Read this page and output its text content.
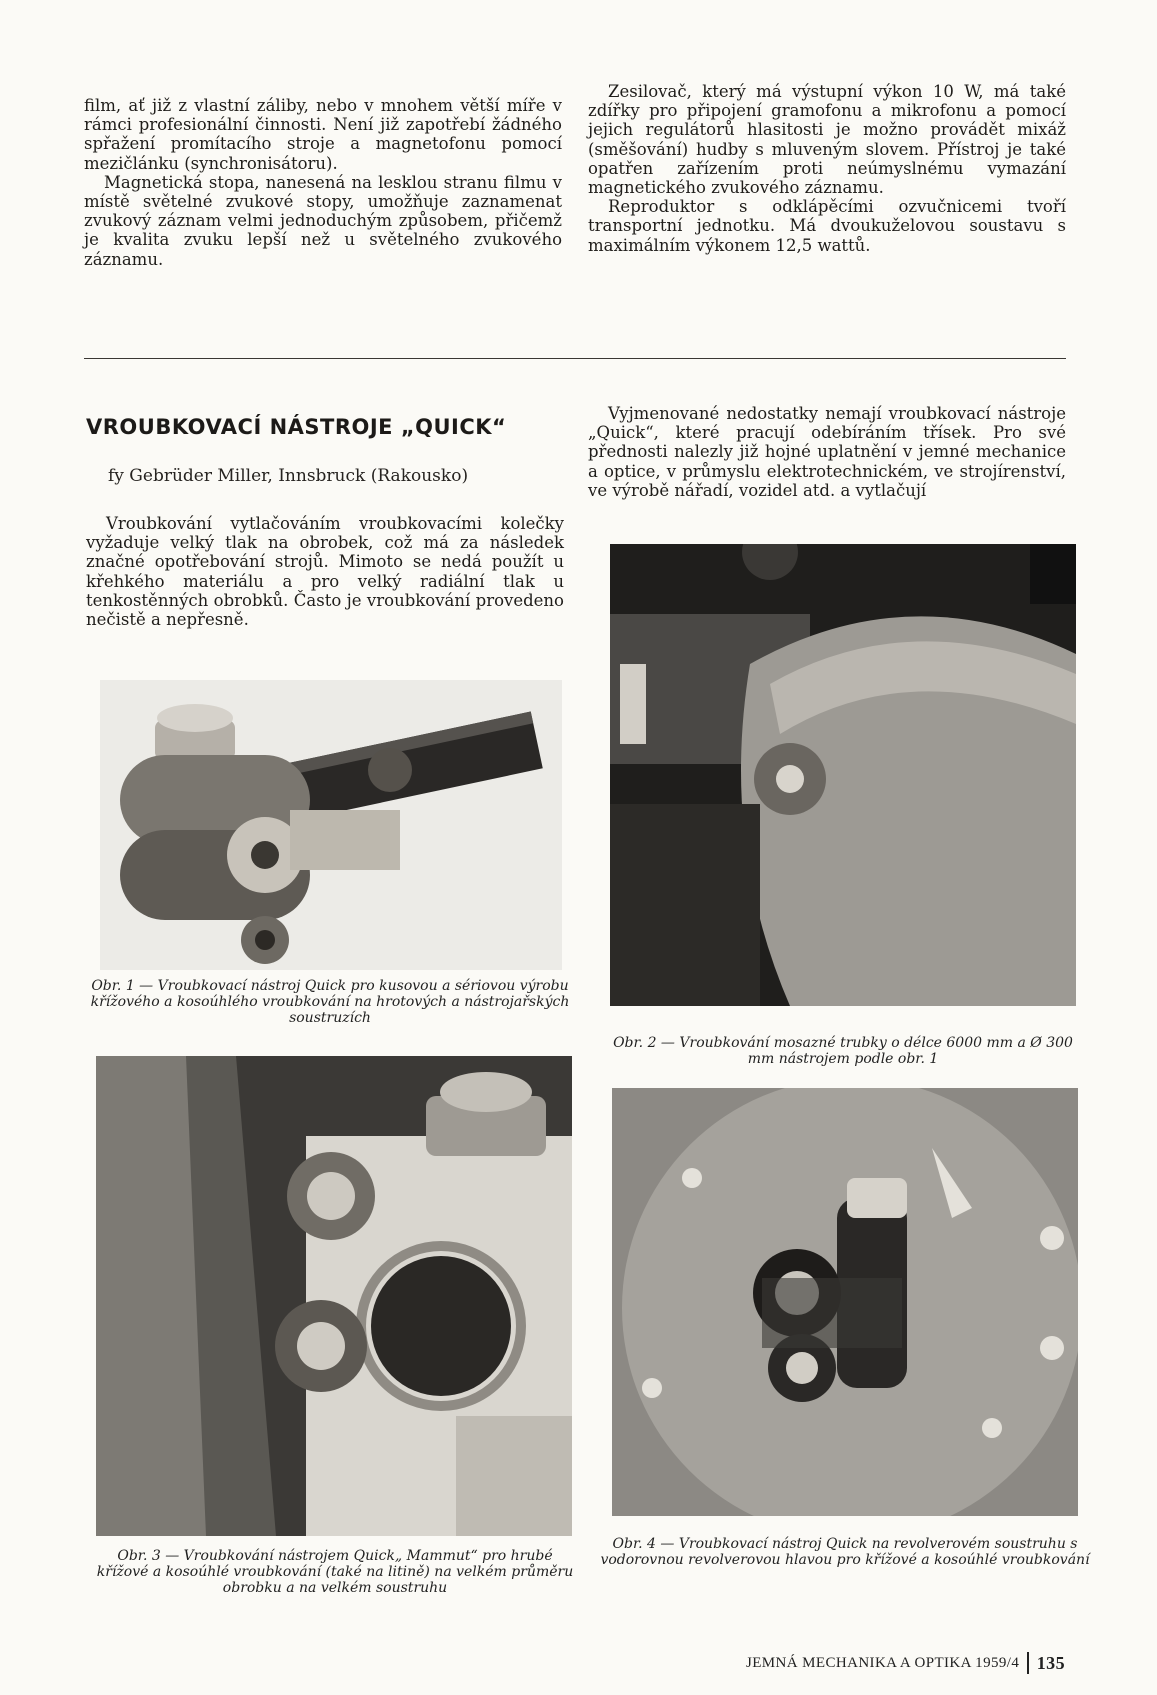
film, ať již z vlastní záliby, nebo v mnohem větší míře v rámci profesionální činnosti. Není již zapotřebí žádného spřažení promítacího stroje a magnetofonu pomocí mezičlánku (synchronisátoru).

Magnetická stopa, nanesená na lesklou stranu filmu v místě světelné zvukové stopy, umožňuje zaznamenat zvukový záznam velmi jednoduchým způsobem, přičemž je kvalita zvuku lepší než u světelného zvukového záznamu.

Zesilovač, který má výstupní výkon 10 W, má také zdířky pro připojení gramofonu a mikrofonu a pomocí jejich regulátorů hlasitosti je možno provádět mixáž (směšování) hudby s mluveným slovem. Přístroj je také opatřen zařízením proti neúmyslnému vymazání magnetického zvukového záznamu.

Reproduktor s odklápěcími ozvučnicemi tvoří transportní jednotku. Má dvoukuželovou soustavu s maximálním výkonem 12,5 wattů.

VROUBKOVACÍ NÁSTROJE „QUICK“
fy Gebrüder Miller, Innsbruck (Rakousko)

Vroubkování vytlačováním vroubkovacími kolečky vyžaduje velký tlak na obrobek, což má za následek značné opotřebování strojů. Mimoto se nedá použít u křehkého materiálu a pro velký radiální tlak u tenkostěnných obrobků. Často je vroubkování provedeno nečistě a nepřesně.

Vyjmenované nedostatky nemají vroubkovací nástroje „Quick“, které pracují odebíráním třísek. Pro své přednosti nalezly již hojné uplatnění v jemné mechanice a optice, v průmyslu elektrotechnickém, ve strojírenství, ve výrobě nářadí, vozidel atd. a vytlačují

Obr. 1 — Vroubkovací nástroj Quick pro kusovou a sériovou výrobu křížového a kosoúhlého vroubkování na hrotových a nástrojařských soustruzích
Obr. 2 — Vroubkování mosazné trubky o délce 6000 mm a Ø 300 mm nástrojem podle obr. 1
Obr. 3 — Vroubkování nástrojem Quick„ Mammut“ pro hrubé křížové a kosoúhlé vroubkování (také na litině) na velkém průměru obrobku a na velkém soustruhu
Obr. 4 — Vroubkovací nástroj Quick na revolverovém soustruhu s vodorovnou revolverovou hlavou pro křížové a kosoúhlé vroubkování
JEMNÁ MECHANIKA A OPTIKA 1959/4 135
